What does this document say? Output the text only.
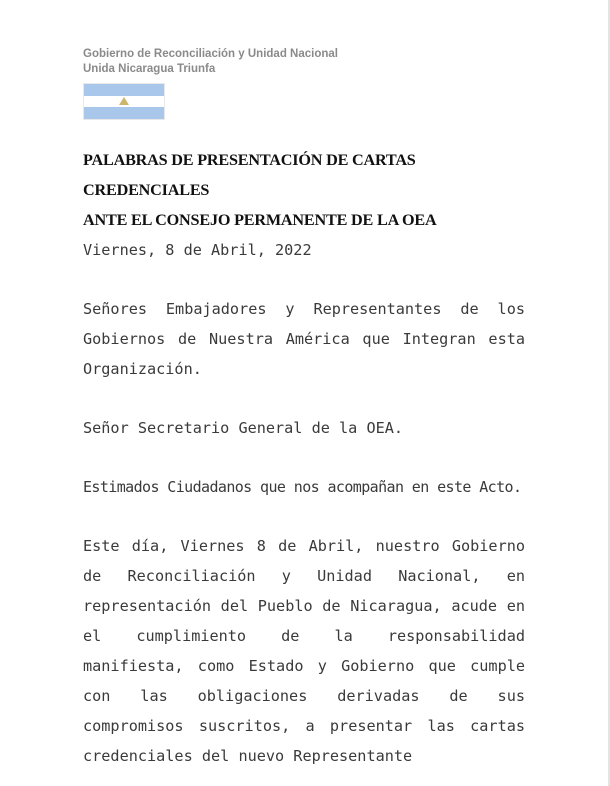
Gobierno de Reconciliación y Unidad Nacional
Unida Nicaragua Triunfa
PALABRAS DE PRESENTACIÓN DE CARTAS CREDENCIALES
ANTE EL CONSEJO PERMANENTE DE LA OEA

Viernes, 8 de Abril, 2022

Señores Embajadores y Representantes de los Gobiernos de Nuestra América que Integran esta Organización.

Señor Secretario General de la OEA.

Estimados Ciudadanos que nos acompañan en este Acto.

Este día, Viernes 8 de Abril, nuestro Gobierno de Reconciliación y Unidad Nacional, en representación del Pueblo de Nicaragua, acude en el cumplimiento de la responsabilidad manifiesta, como Estado y Gobierno que cumple con las obligaciones derivadas de sus compromisos suscritos, a presentar las cartas credenciales del nuevo Representante
